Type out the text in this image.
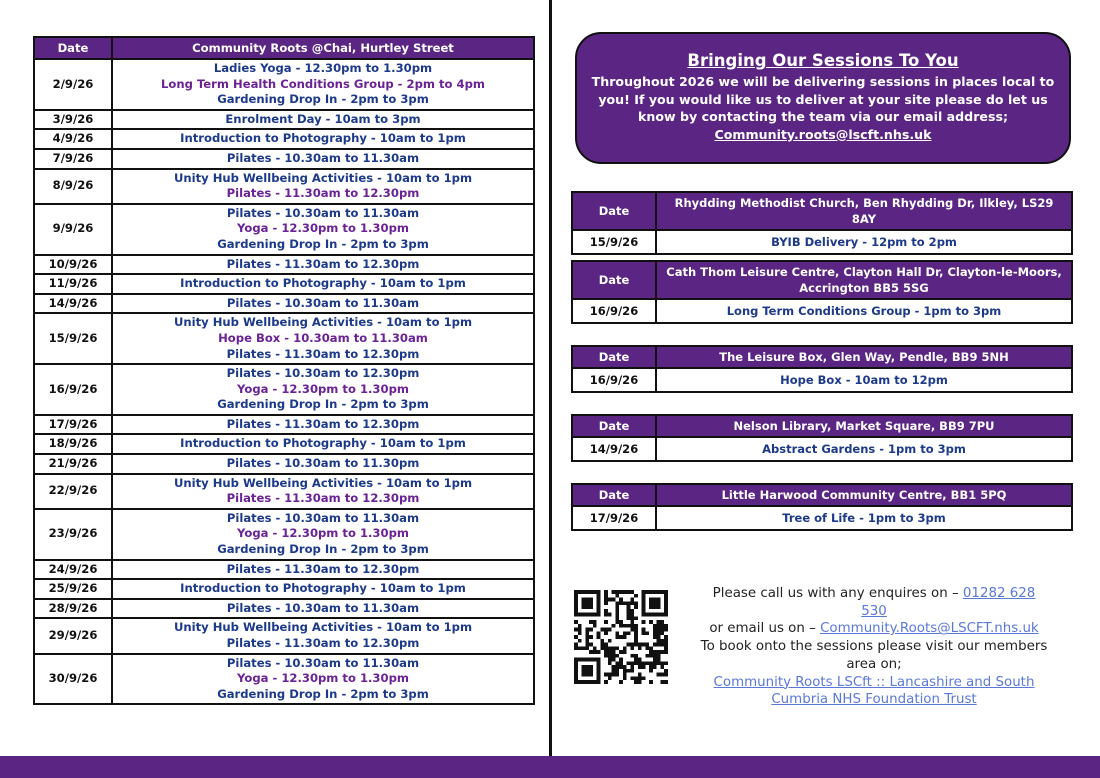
Date	Community Roots @Chai, Hurtley Street
2/9/26	Ladies Yoga - 12.30pm to 1.30pm
Long Term Health Conditions Group - 2pm to 4pm
Gardening Drop In - 2pm to 3pm

3/9/26	Enrolment Day - 10am to 3pm

4/9/26	Introduction to Photography - 10am to 1pm

7/9/26	Pilates - 10.30am to 11.30am

8/9/26	Unity Hub Wellbeing Activities - 10am to 1pm
Pilates - 11.30am to 12.30pm

9/9/26	Pilates - 10.30am to 11.30am
Yoga - 12.30pm to 1.30pm
Gardening Drop In - 2pm to 3pm

10/9/26	Pilates - 11.30am to 12.30pm

11/9/26	Introduction to Photography - 10am to 1pm

14/9/26	Pilates - 10.30am to 11.30am

15/9/26	Unity Hub Wellbeing Activities - 10am to 1pm
Hope Box - 10.30am to 11.30am
Pilates - 11.30am to 12.30pm

16/9/26	Pilates - 10.30am to 12.30pm
Yoga - 12.30pm to 1.30pm
Gardening Drop In - 2pm to 3pm

17/9/26	Pilates - 11.30am to 12.30pm

18/9/26	Introduction to Photography - 10am to 1pm

21/9/26	Pilates - 10.30am to 11.30pm

22/9/26	Unity Hub Wellbeing Activities - 10am to 1pm
Pilates - 11.30am to 12.30pm

23/9/26	Pilates - 10.30am to 11.30am
Yoga - 12.30pm to 1.30pm
Gardening Drop In - 2pm to 3pm

24/9/26	Pilates - 11.30am to 12.30pm

25/9/26	Introduction to Photography - 10am to 1pm

28/9/26	Pilates - 10.30am to 11.30am

29/9/26	Unity Hub Wellbeing Activities - 10am to 1pm
Pilates - 11.30am to 12.30pm

30/9/26	Pilates - 10.30am to 11.30am
Yoga - 12.30pm to 1.30pm
Gardening Drop In - 2pm to 3pm
Bringing Our Sessions To You
Throughout 2026 we will be delivering sessions in places local to you! If you would like us to deliver at your site please do let us know by contacting the team via our email address;
Community.roots@lscft.nhs.uk
Date	Rhydding Methodist Church, Ben Rhydding Dr, Ilkley, LS29 8AY
15/9/26	BYIB Delivery - 12pm to 2pm
Date	Cath Thom Leisure Centre, Clayton Hall Dr, Clayton-le-Moors, Accrington BB5 5SG
16/9/26	Long Term Conditions Group - 1pm to 3pm
Date	The Leisure Box, Glen Way, Pendle, BB9 5NH
16/9/26	Hope Box - 10am to 12pm
Date	Nelson Library, Market Square, BB9 7PU
14/9/26	Abstract Gardens - 1pm to 3pm
Date	Little Harwood Community Centre, BB1 5PQ
17/9/26	Tree of Life - 1pm to 3pm
Please call us with any enquires on – 01282 628 530
or email us on – Community.Roots@LSCFT.nhs.uk
To book onto the sessions please visit our members area on;
Community Roots LSCft :: Lancashire and South Cumbria NHS Foundation Trust
